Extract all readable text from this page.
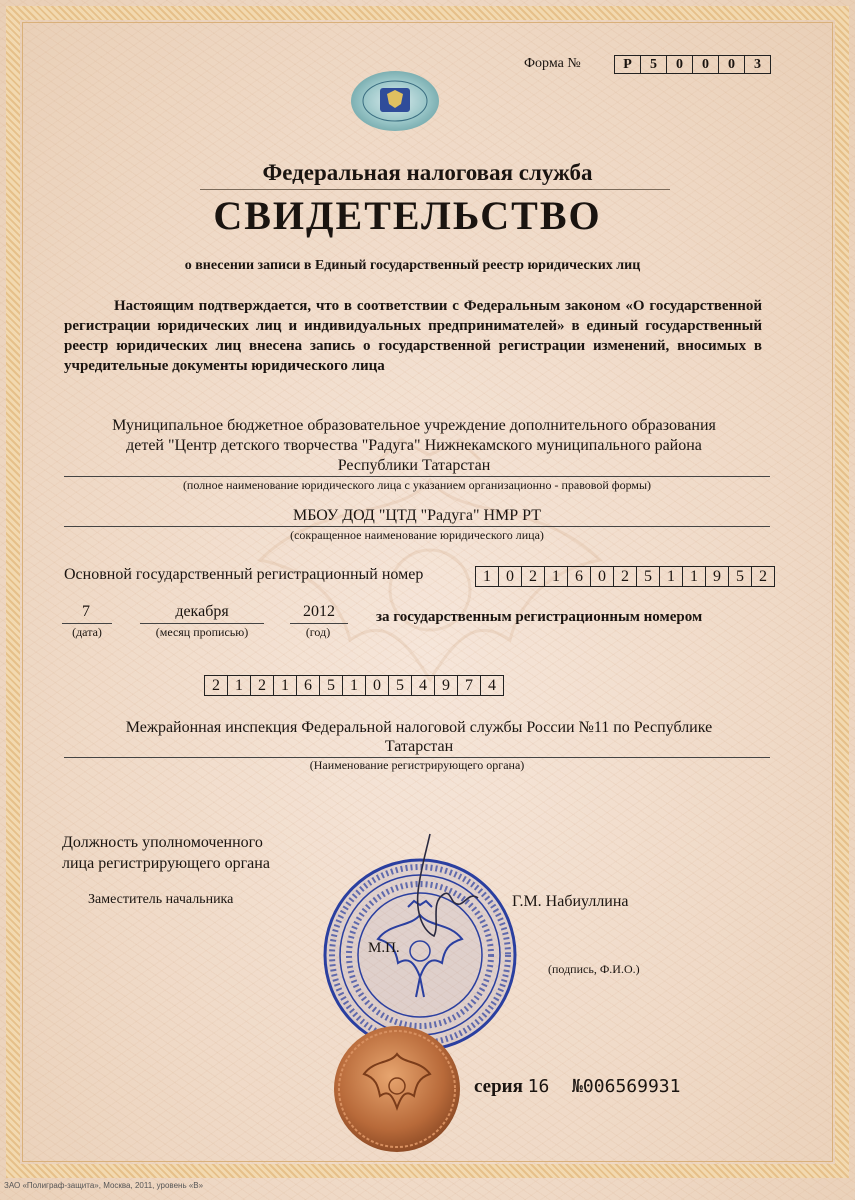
Форма №	Р	5	0	0	0	3
Федеральная налоговая служба
СВИДЕТЕЛЬСТВО
о внесении записи в Единый государственный реестр юридических лиц
Настоящим подтверждается, что в соответствии с Федеральным законом «О государственной регистрации юридических лиц и индивидуальных предпринимателей» в единый государственный реестр юридических лиц внесена запись о государственной регистрации изменений, вносимых в учредительные документы юридического лица
Муниципальное бюджетное образовательное учреждение дополнительного образования
детей "Центр детского творчества "Радуга" Нижнекамского муниципального района
Республики Татарстан
(полное наименование юридического лица с указанием организационно - правовой формы)
МБОУ ДОД "ЦТД "Радуга" НМР РТ
(сокращенное наименование юридического лица)
Основной государственный регистрационный номер	1 0 2 1 6 0 2 5 1 1 9 5 2
7	декабря	2012
(дата)	(месяц прописью)	(год)
за государственным регистрационным номером
2 1 2 1 6 5 1 0 5 4 9 7 4
Межрайонная инспекция Федеральной налоговой службы России №11 по Республике
Татарстан
(Наименование регистрирующего органа)
Должность уполномоченного
лица регистрирующего органа
Заместитель начальника
М.П.
Г.М. Набиуллина
(подпись, Ф.И.О.)
серия 16 №006569931
ЗАО «Полиграф-защита», Москва, 2011, уровень «В»
